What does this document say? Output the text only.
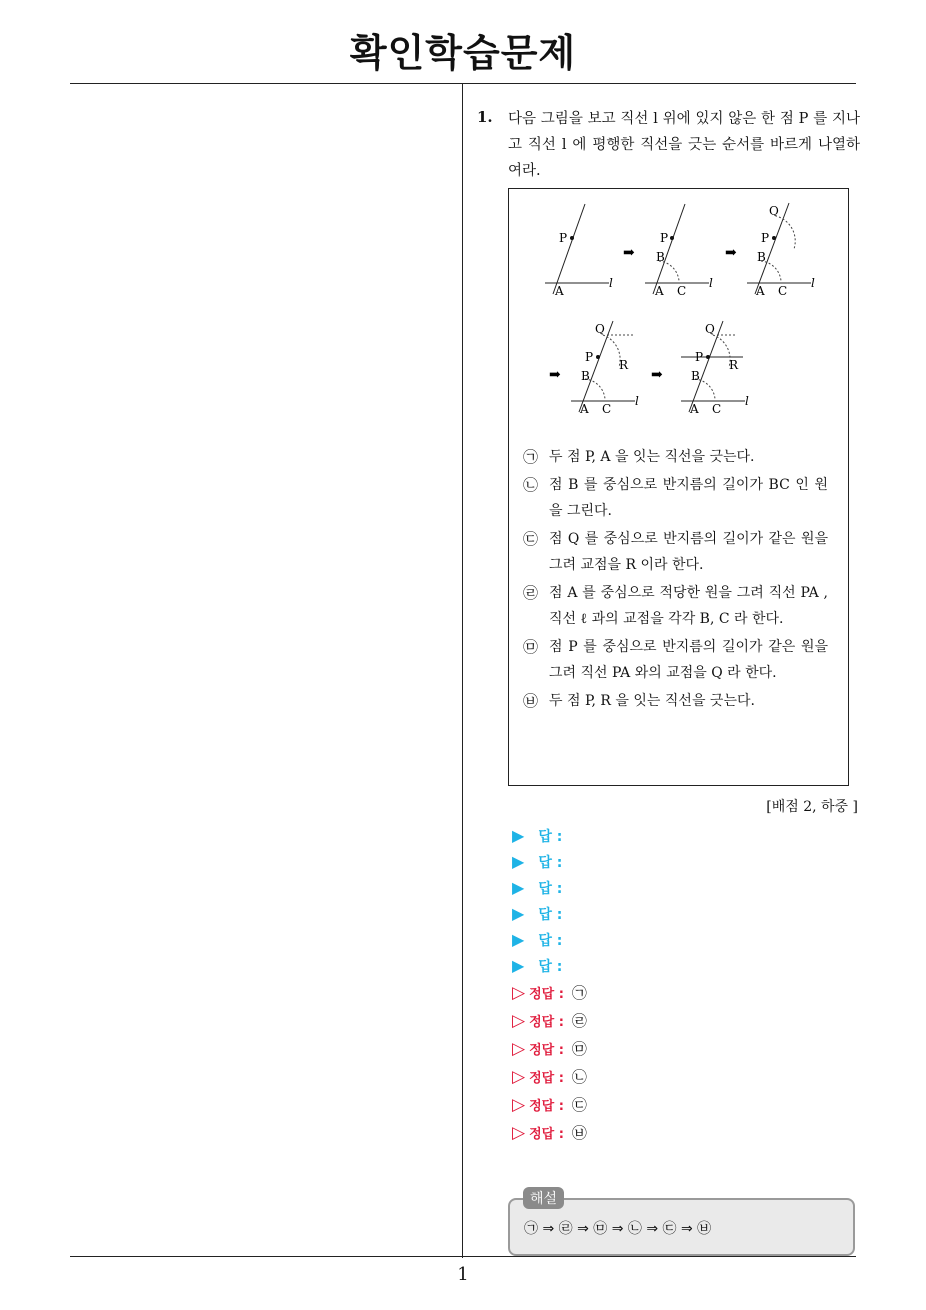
확인학습문제
1. 다음 그림을 보고 직선 l 위에 있지 않은 한 점 P 를 지나고 직선 l 에 평행한 직선을 긋는 순서를 바르게 나열하여라.
P
A
l
➡
P
B
A C
l
➡
Q
P
B
A C
l
➡
Q
P
R
B
A C
l
➡
Q
P
R
B
A C
l
㉠ 두 점 P, A 을 잇는 직선을 긋는다.
㉡ 점 B 를 중심으로 반지름의 길이가 BC 인 원을 그린다.
㉢ 점 Q 를 중심으로 반지름의 길이가 같은 원을 그려 교점을 R 이라 한다.
㉣ 점 A 를 중심으로 적당한 원을 그려 직선 PA , 직선 ℓ 과의 교점을 각각 B, C 라 한다.
㉤ 점 P 를 중심으로 반지름의 길이가 같은 원을 그려 직선 PA 와의 교점을 Q 라 한다.
㉥ 두 점 P, R 을 잇는 직선을 긋는다.
[배점 2, 하중 ]
▶ 답 :
▶ 답 :
▶ 답 :
▶ 답 :
▶ 답 :
▶ 답 :
▷ 정답 : ㉠
▷ 정답 : ㉣
▷ 정답 : ㉤
▷ 정답 : ㉡
▷ 정답 : ㉢
▷ 정답 : ㉥
해설
㉠ ⇒ ㉣ ⇒ ㉤ ⇒ ㉡ ⇒ ㉢ ⇒ ㉥
1
